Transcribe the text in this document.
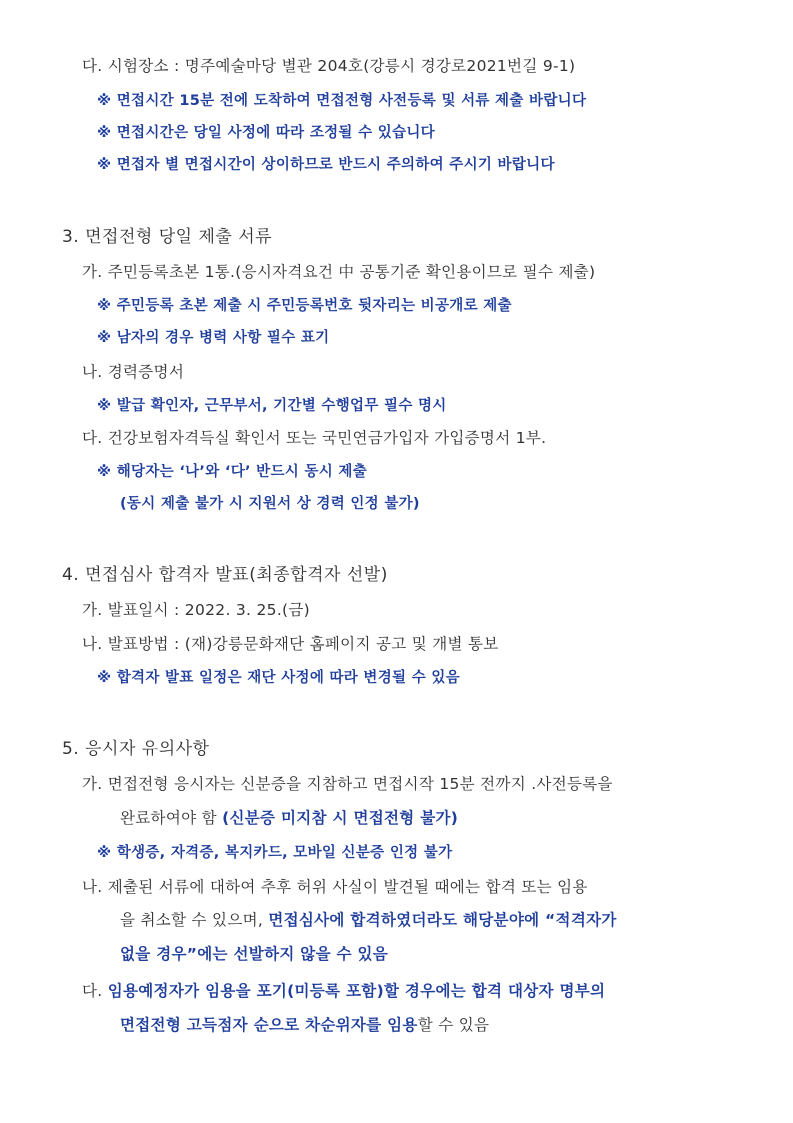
다. 시험장소 : 명주예술마당 별관 204호(강릉시 경강로2021번길 9-1)
※ 면접시간 15분 전에 도착하여 면접전형 사전등록 및 서류 제출 바랍니다
※ 면접시간은 당일 사정에 따라 조정될 수 있습니다
※ 면접자 별 면접시간이 상이하므로 반드시 주의하여 주시기 바랍니다
3. 면접전형 당일 제출 서류
가. 주민등록초본 1통.(응시자격요건 中 공통기준 확인용이므로 필수 제출)
※ 주민등록 초본 제출 시 주민등록번호 뒷자리는 비공개로 제출
※ 남자의 경우 병력 사항 필수 표기
나. 경력증명서
※ 발급 확인자, 근무부서, 기간별 수행업무 필수 명시
다. 건강보험자격득실 확인서 또는 국민연금가입자 가입증명서 1부.
※ 해당자는 ‘나’와 ‘다’ 반드시 동시 제출
(동시 제출 불가 시 지원서 상 경력 인정 불가)
4. 면접심사 합격자 발표(최종합격자 선발)
가. 발표일시 : 2022. 3. 25.(금)
나. 발표방법 : (재)강릉문화재단 홈페이지 공고 및 개별 통보
※ 합격자 발표 일정은 재단 사정에 따라 변경될 수 있음
5. 응시자 유의사항
가. 면접전형 응시자는 신분증을 지참하고 면접시작 15분 전까지 .사전등록을
완료하여야 함 (신분증 미지참 시 면접전형 불가)
※ 학생증, 자격증, 복지카드, 모바일 신분증 인정 불가
나. 제출된 서류에 대하여 추후 허위 사실이 발견될 때에는 합격 또는 임용
을 취소할 수 있으며, 면접심사에 합격하였더라도 해당분야에 “적격자가
없을 경우”에는 선발하지 않을 수 있음
다. 임용예정자가 임용을 포기(미등록 포함)할 경우에는 합격 대상자 명부의
면접전형 고득점자 순으로 차순위자를 임용할 수 있음
